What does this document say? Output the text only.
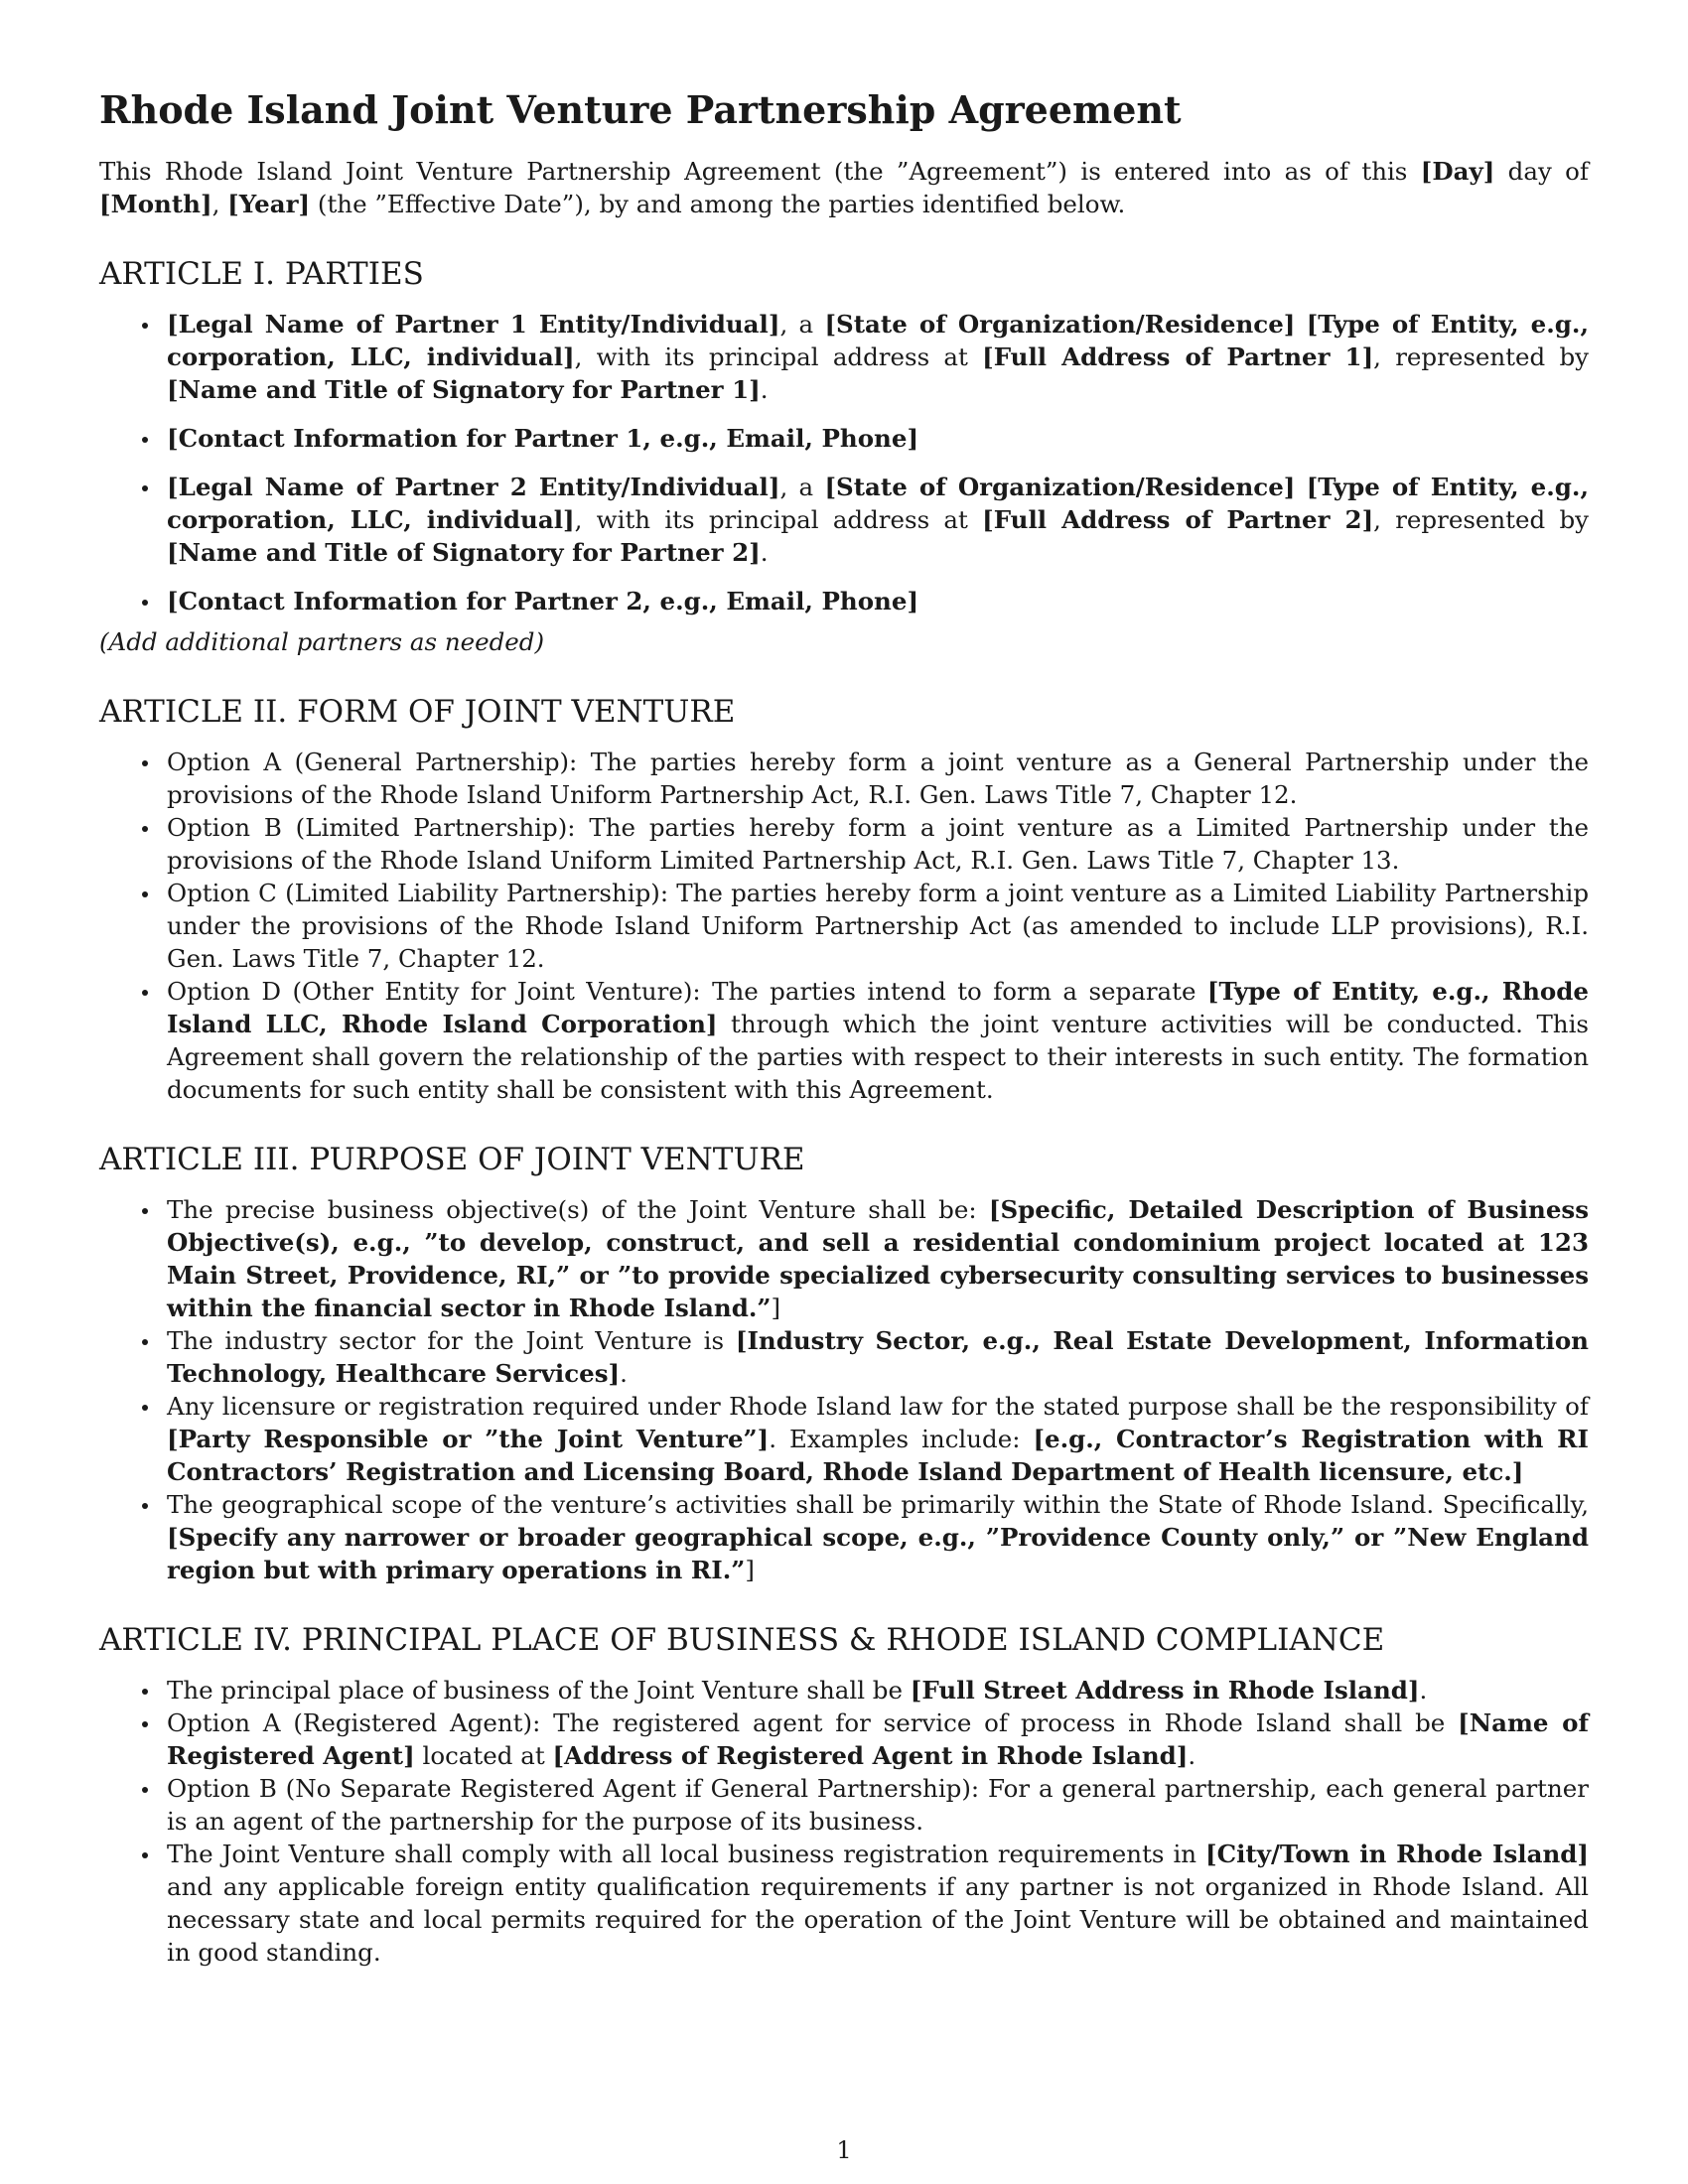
Rhode Island Joint Venture Partnership Agreement

This Rhode Island Joint Venture Partnership Agreement (the ”Agreement”) is entered into as of this [Day] day of [Month], [Year] (the ”Effective Date”), by and among the parties identified below.

ARTICLE I. PARTIES
[Legal Name of Partner 1 Entity/Individual], a [State of Organization/Residence] [Type of Entity, e.g., corporation, LLC, individual], with its principal address at [Full Address of Partner 1], represented by [Name and Title of Signatory for Partner 1].
[Contact Information for Partner 1, e.g., Email, Phone]
[Legal Name of Partner 2 Entity/Individual], a [State of Organization/Residence] [Type of Entity, e.g., corporation, LLC, individual], with its principal address at [Full Address of Partner 2], represented by [Name and Title of Signatory for Partner 2].
[Contact Information for Partner 2, e.g., Email, Phone]

(Add additional partners as needed)

ARTICLE II. FORM OF JOINT VENTURE
Option A (General Partnership): The parties hereby form a joint venture as a General Partnership under the provisions of the Rhode Island Uniform Partnership Act, R.I. Gen. Laws Title 7, Chapter 12.
Option B (Limited Partnership): The parties hereby form a joint venture as a Limited Partnership under the provisions of the Rhode Island Uniform Limited Partnership Act, R.I. Gen. Laws Title 7, Chapter 13.
Option C (Limited Liability Partnership): The parties hereby form a joint venture as a Limited Liability Partnership under the provisions of the Rhode Island Uniform Partnership Act (as amended to include LLP provisions), R.I. Gen. Laws Title 7, Chapter 12.
Option D (Other Entity for Joint Venture): The parties intend to form a separate [Type of Entity, e.g., Rhode Island LLC, Rhode Island Corporation] through which the joint venture activities will be conducted. This Agreement shall govern the relationship of the parties with respect to their interests in such entity. The formation documents for such entity shall be consistent with this Agreement.
ARTICLE III. PURPOSE OF JOINT VENTURE
The precise business objective(s) of the Joint Venture shall be: [Specific, Detailed Description of Business Objective(s), e.g., ”to develop, construct, and sell a residential condominium project located at 123 Main Street, Providence, RI,” or ”to provide specialized cybersecurity consulting services to businesses within the financial sector in Rhode Island.”]
The industry sector for the Joint Venture is [Industry Sector, e.g., Real Estate Development, Information Technology, Healthcare Services].
Any licensure or registration required under Rhode Island law for the stated purpose shall be the responsibility of [Party Responsible or ”the Joint Venture”]. Examples include: [e.g., Contractor’s Registration with RI Contractors’ Registration and Licensing Board, Rhode Island Department of Health licensure, etc.]
The geographical scope of the venture’s activities shall be primarily within the State of Rhode Island. Specifically, [Specify any narrower or broader geographical scope, e.g., ”Providence County only,” or ”New England region but with primary operations in RI.”]
ARTICLE IV. PRINCIPAL PLACE OF BUSINESS & RHODE ISLAND COMPLIANCE
The principal place of business of the Joint Venture shall be [Full Street Address in Rhode Island].
Option A (Registered Agent): The registered agent for service of process in Rhode Island shall be [Name of Registered Agent] located at [Address of Registered Agent in Rhode Island].
Option B (No Separate Registered Agent if General Partnership): For a general partnership, each general partner is an agent of the partnership for the purpose of its business.
The Joint Venture shall comply with all local business registration requirements in [City/Town in Rhode Island] and any applicable foreign entity qualification requirements if any partner is not organized in Rhode Island. All necessary state and local permits required for the operation of the Joint Venture will be obtained and maintained in good standing.
1
